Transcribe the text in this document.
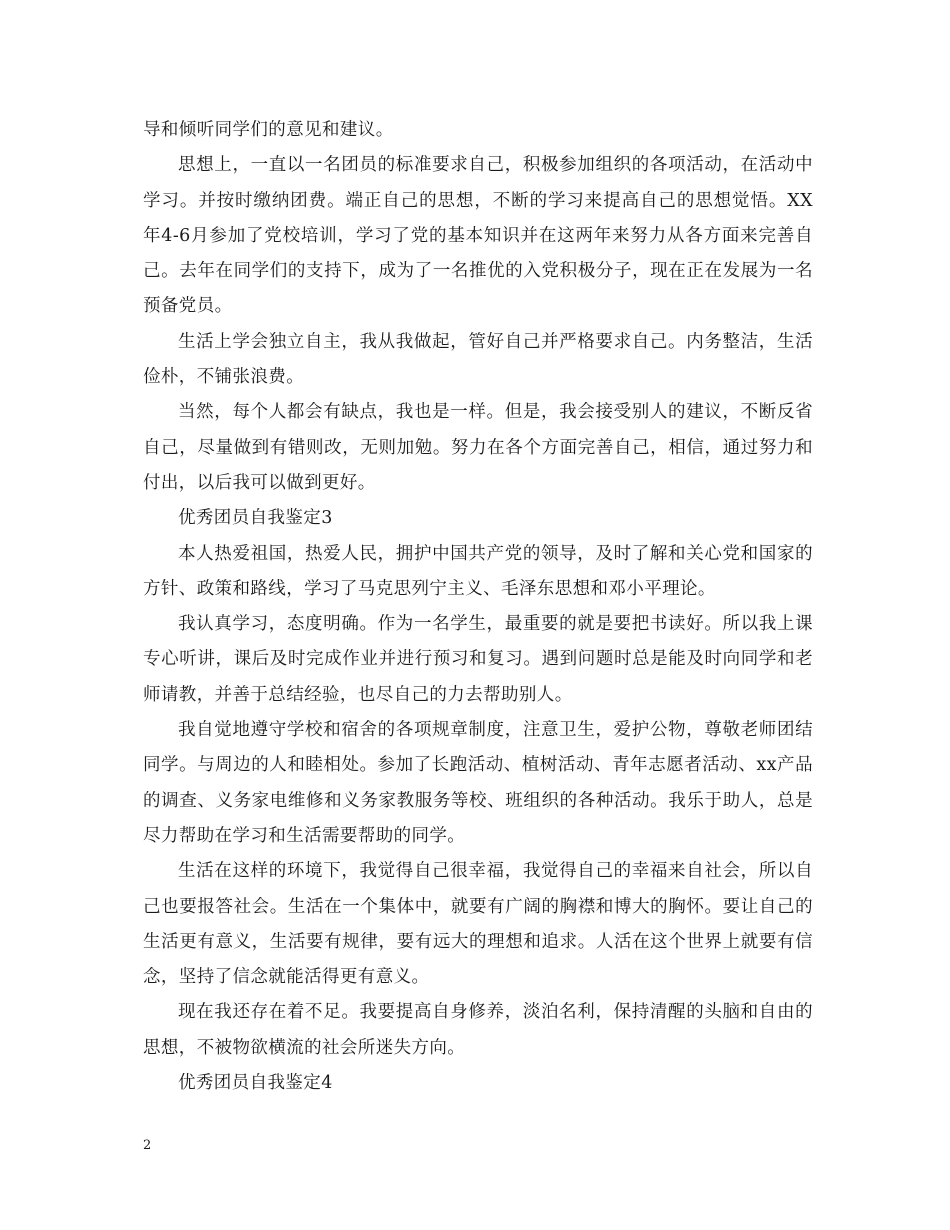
导和倾听同学们的意见和建议。

思想上，一直以一名团员的标准要求自己，积极参加组织的各项活动，在活动中学习。并按时缴纳团费。端正自己的思想，不断的学习来提高自己的思想觉悟。XX年4-6月参加了党校培训，学习了党的基本知识并在这两年来努力从各方面来完善自己。去年在同学们的支持下，成为了一名推优的入党积极分子，现在正在发展为一名预备党员。

生活上学会独立自主，我从我做起，管好自己并严格要求自己。内务整洁，生活俭朴，不铺张浪费。

当然，每个人都会有缺点，我也是一样。但是，我会接受别人的建议，不断反省自己，尽量做到有错则改，无则加勉。努力在各个方面完善自己，相信，通过努力和付出，以后我可以做到更好。

优秀团员自我鉴定3

本人热爱祖国，热爱人民，拥护中国共产党的领导，及时了解和关心党和国家的方针、政策和路线，学习了马克思列宁主义、毛泽东思想和邓小平理论。

我认真学习，态度明确。作为一名学生，最重要的就是要把书读好。所以我上课专心听讲，课后及时完成作业并进行预习和复习。遇到问题时总是能及时向同学和老师请教，并善于总结经验，也尽自己的力去帮助别人。

我自觉地遵守学校和宿舍的各项规章制度，注意卫生，爱护公物，尊敬老师团结同学。与周边的人和睦相处。参加了长跑活动、植树活动、青年志愿者活动、xx产品的调查、义务家电维修和义务家教服务等校、班组织的各种活动。我乐于助人，总是尽力帮助在学习和生活需要帮助的同学。

生活在这样的环境下，我觉得自己很幸福，我觉得自己的幸福来自社会，所以自己也要报答社会。生活在一个集体中，就要有广阔的胸襟和博大的胸怀。要让自己的生活更有意义，生活要有规律，要有远大的理想和追求。人活在这个世界上就要有信念，坚持了信念就能活得更有意义。

现在我还存在着不足。我要提高自身修养，淡泊名利，保持清醒的头脑和自由的思想，不被物欲横流的社会所迷失方向。

优秀团员自我鉴定4

2
